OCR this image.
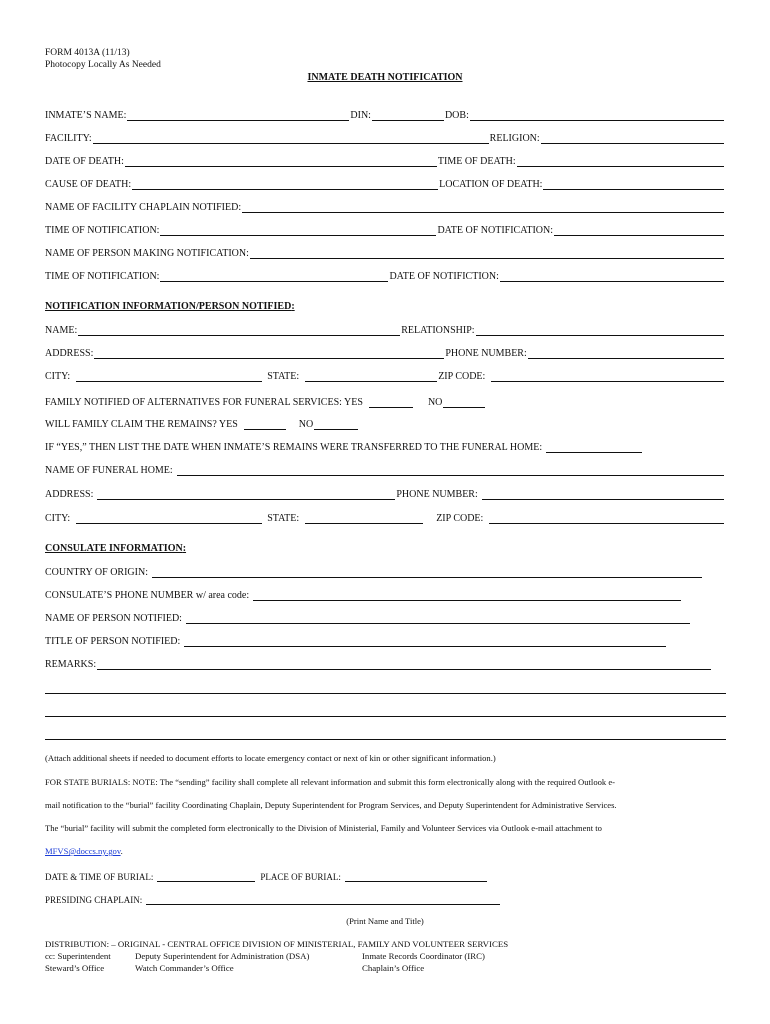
FORM 4013A (11/13)
Photocopy Locally As Needed
INMATE DEATH NOTIFICATION
INMATE’S NAME:	DIN:	DOB:
FACILITY:	RELIGION:
DATE OF DEATH:	TIME OF DEATH:
CAUSE OF DEATH:	LOCATION OF DEATH:
NAME OF FACILITY CHAPLAIN NOTIFIED:
TIME OF NOTIFICATION:	DATE OF NOTIFICATION:
NAME OF PERSON MAKING NOTIFICATION:
TIME OF NOTIFICATION:	DATE OF NOTIFICTION:
NOTIFICATION INFORMATION/PERSON NOTIFIED:
NAME:	RELATIONSHIP:
ADDRESS:	PHONE NUMBER:
CITY:	STATE:	ZIP CODE:
FAMILY NOTIFIED OF ALTERNATIVES FOR FUNERAL SERVICES: YES	NO
WILL FAMILY CLAIM THE REMAINS? YES	NO
IF “YES,” THEN LIST THE DATE WHEN INMATE’S REMAINS WERE TRANSFERRED TO THE FUNERAL HOME:
NAME OF FUNERAL HOME:
ADDRESS:	PHONE NUMBER:
CITY:	STATE:	ZIP CODE:
CONSULATE INFORMATION:
COUNTRY OF ORIGIN:
CONSULATE’S PHONE NUMBER w/ area code:
NAME OF PERSON NOTIFIED:
TITLE OF PERSON NOTIFIED:
REMARKS:
(Attach additional sheets if needed to document efforts to locate emergency contact or next of kin or other significant information.)
FOR STATE BURIALS: NOTE: The “sending” facility shall complete all relevant information and submit this form electronically along with the required Outlook e-
mail notification to the “burial” facility Coordinating Chaplain, Deputy Superintendent for Program Services, and Deputy Superintendent for Administrative Services.
The “burial” facility will submit the completed form electronically to the Division of Ministerial, Family and Volunteer Services via Outlook e-mail attachment to
MFVS@doccs.ny.gov.
DATE & TIME OF BURIAL:	PLACE OF BURIAL:
PRESIDING CHAPLAIN:
(Print Name and Title)
DISTRIBUTION: – ORIGINAL - CENTRAL OFFICE DIVISION OF MINISTERIAL, FAMILY AND VOLUNTEER SERVICES
cc: Superintendent	Deputy Superintendent for Administration (DSA)	Inmate Records Coordinator (IRC)
Steward’s Office	Watch Commander’s Office	Chaplain’s Office
